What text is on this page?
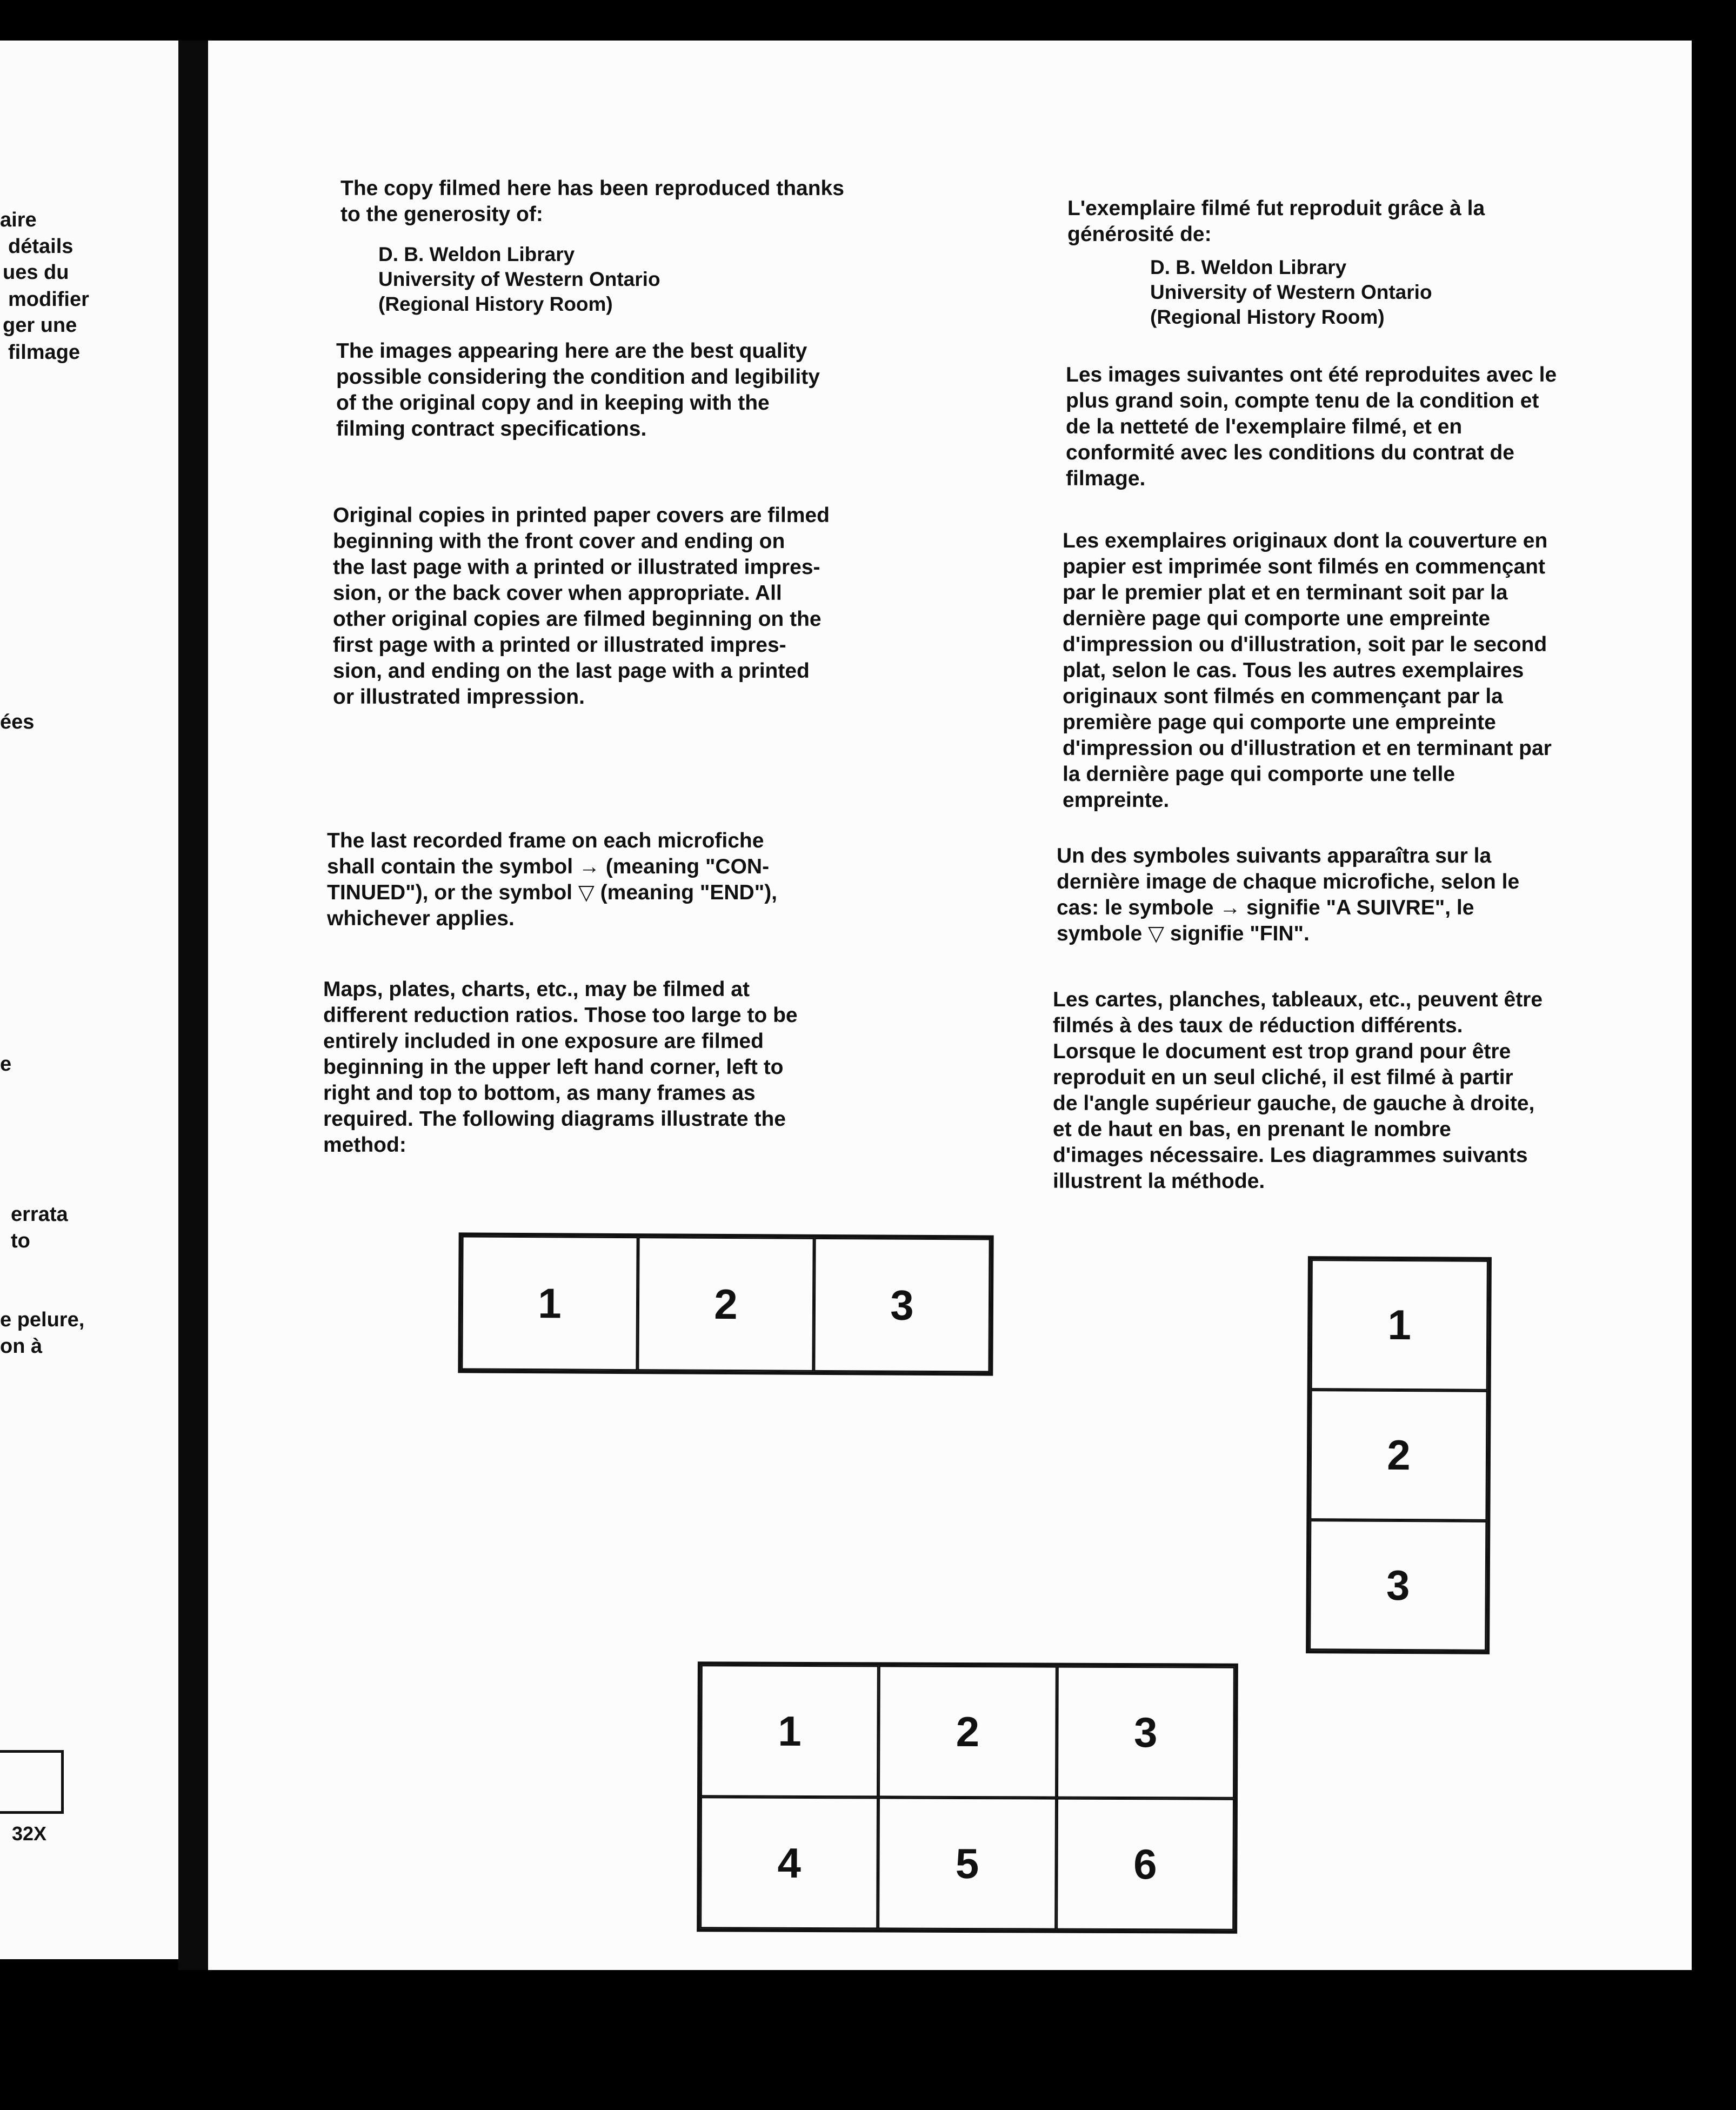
aire
détails
ues du
modifier
ger une
filmage
ées
e
errata
to
e pelure,
on à
32X

The copy filmed here has been reproduced thanks
to the generosity of:

D. B. Weldon Library
University of Western Ontario
(Regional History Room)

The images appearing here are the best quality
possible considering the condition and legibility
of the original copy and in keeping with the
filming contract specifications.

Original copies in printed paper covers are filmed
beginning with the front cover and ending on
the last page with a printed or illustrated impres-
sion, or the back cover when appropriate. All
other original copies are filmed beginning on the
first page with a printed or illustrated impres-
sion, and ending on the last page with a printed
or illustrated impression.

The last recorded frame on each microfiche
shall contain the symbol → (meaning "CON-
TINUED"), or the symbol ▽ (meaning "END"),
whichever applies.

Maps, plates, charts, etc., may be filmed at
different reduction ratios. Those too large to be
entirely included in one exposure are filmed
beginning in the upper left hand corner, left to
right and top to bottom, as many frames as
required. The following diagrams illustrate the
method:

L'exemplaire filmé fut reproduit grâce à la
générosité de:

D. B. Weldon Library
University of Western Ontario
(Regional History Room)

Les images suivantes ont été reproduites avec le
plus grand soin, compte tenu de la condition et
de la netteté de l'exemplaire filmé, et en
conformité avec les conditions du contrat de
filmage.

Les exemplaires originaux dont la couverture en
papier est imprimée sont filmés en commençant
par le premier plat et en terminant soit par la
dernière page qui comporte une empreinte
d'impression ou d'illustration, soit par le second
plat, selon le cas. Tous les autres exemplaires
originaux sont filmés en commençant par la
première page qui comporte une empreinte
d'impression ou d'illustration et en terminant par
la dernière page qui comporte une telle
empreinte.

Un des symboles suivants apparaîtra sur la
dernière image de chaque microfiche, selon le
cas: le symbole → signifie "A SUIVRE", le
symbole ▽ signifie "FIN".

Les cartes, planches, tableaux, etc., peuvent être
filmés à des taux de réduction différents.
Lorsque le document est trop grand pour être
reproduit en un seul cliché, il est filmé à partir
de l'angle supérieur gauche, de gauche à droite,
et de haut en bas, en prenant le nombre
d'images nécessaire. Les diagrammes suivants
illustrent la méthode.

1	2	3	1
2
3
1	2	3
4	5	6
